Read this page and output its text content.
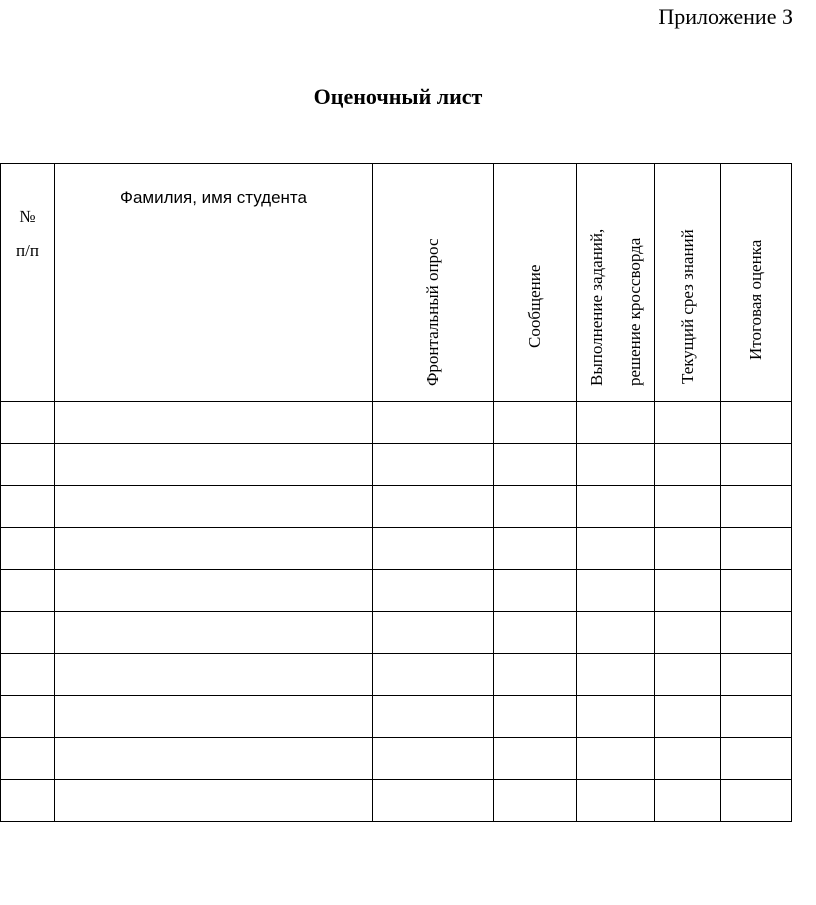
Приложение З
Оценочный лист
№
п/п	Фамилия, имя студента	Фронтальный опрос	Сообщение	Выполнение заданий, решение кроссворда	Текущий срез знаний	Итоговая оценка
